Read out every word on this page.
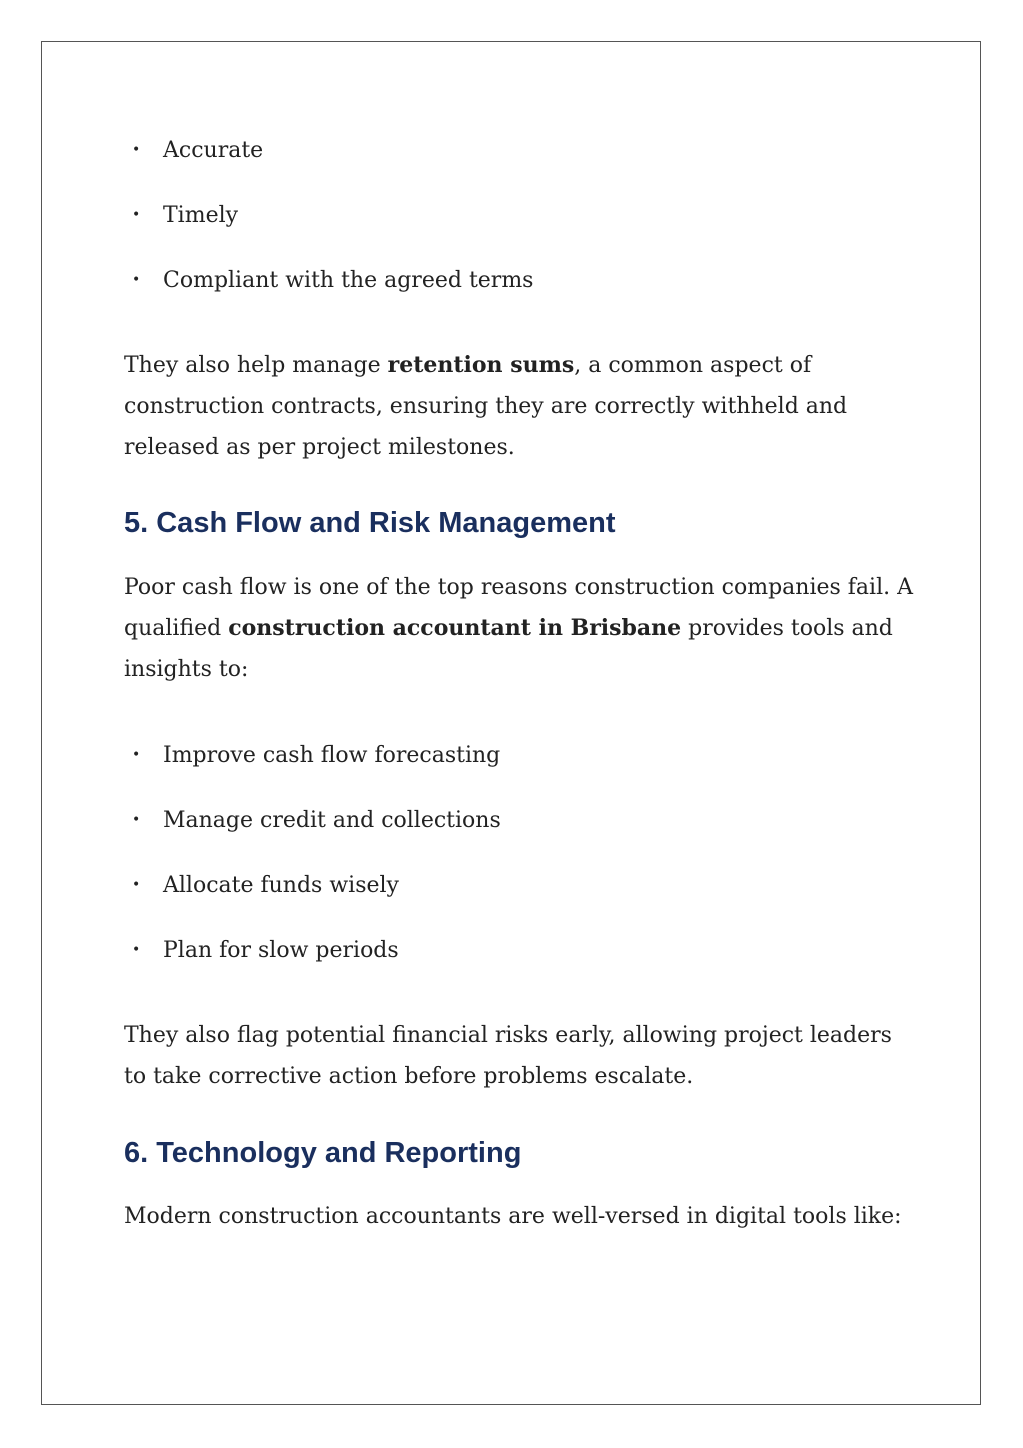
• Accurate
• Timely
• Compliant with the agreed terms

They also help manage retention sums, a common aspect of construction contracts, ensuring they are correctly withheld and released as per project milestones.

5. Cash Flow and Risk Management

Poor cash flow is one of the top reasons construction companies fail. A qualified construction accountant in Brisbane provides tools and insights to:

• Improve cash flow forecasting
• Manage credit and collections
• Allocate funds wisely
• Plan for slow periods

They also flag potential financial risks early, allowing project leaders to take corrective action before problems escalate.

6. Technology and Reporting

Modern construction accountants are well-versed in digital tools like:
